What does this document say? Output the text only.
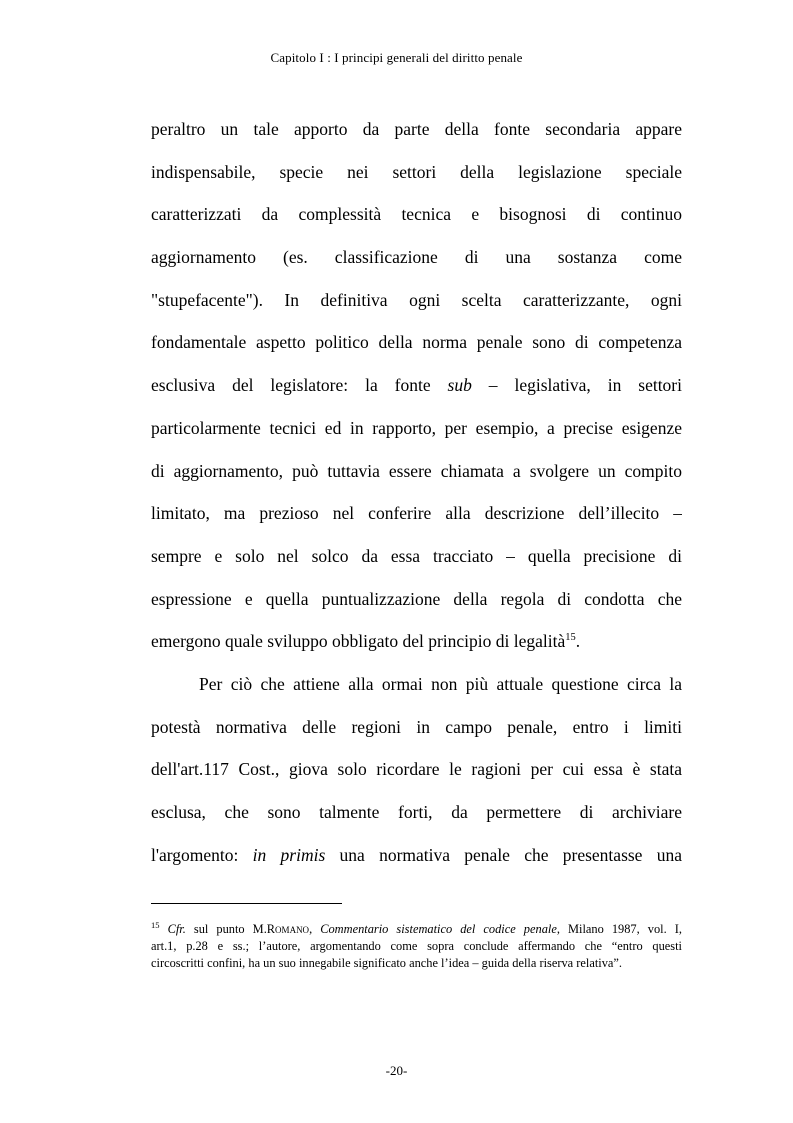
Capitolo I : I principi generali del diritto penale
peraltro un tale apporto da parte della fonte secondaria appare
indispensabile, specie nei settori della legislazione speciale
caratterizzati da complessità tecnica e bisognosi di continuo
aggiornamento (es. classificazione di una sostanza come
"stupefacente"). In definitiva ogni scelta caratterizzante, ogni
fondamentale aspetto politico della norma penale sono di competenza
esclusiva del legislatore: la fonte sub – legislativa, in settori
particolarmente tecnici ed in rapporto, per esempio, a precise esigenze
di aggiornamento, può tuttavia essere chiamata a svolgere un compito
limitato, ma prezioso nel conferire alla descrizione dell’illecito –
sempre e solo nel solco da essa tracciato – quella precisione di
espressione e quella puntualizzazione della regola di condotta che
emergono quale sviluppo obbligato del principio di legalità$^{15}$.
Per ciò che attiene alla ormai non più attuale questione circa la
potestà normativa delle regioni in campo penale, entro i limiti
dell'art.117 Cost., giova solo ricordare le ragioni per cui essa è stata
esclusa, che sono talmente forti, da permettere di archiviare
l'argomento: in primis una normativa penale che presentasse una
$^{15}$ Cfr. sul punto M.Romano, Commentario sistematico del codice penale, Milano 1987, vol. I,
art.1, p.28 e ss.; l’autore, argomentando come sopra conclude affermando che “entro questi
circoscritti confini, ha un suo innegabile significato anche l’idea – guida della riserva relativa”.
-20-
